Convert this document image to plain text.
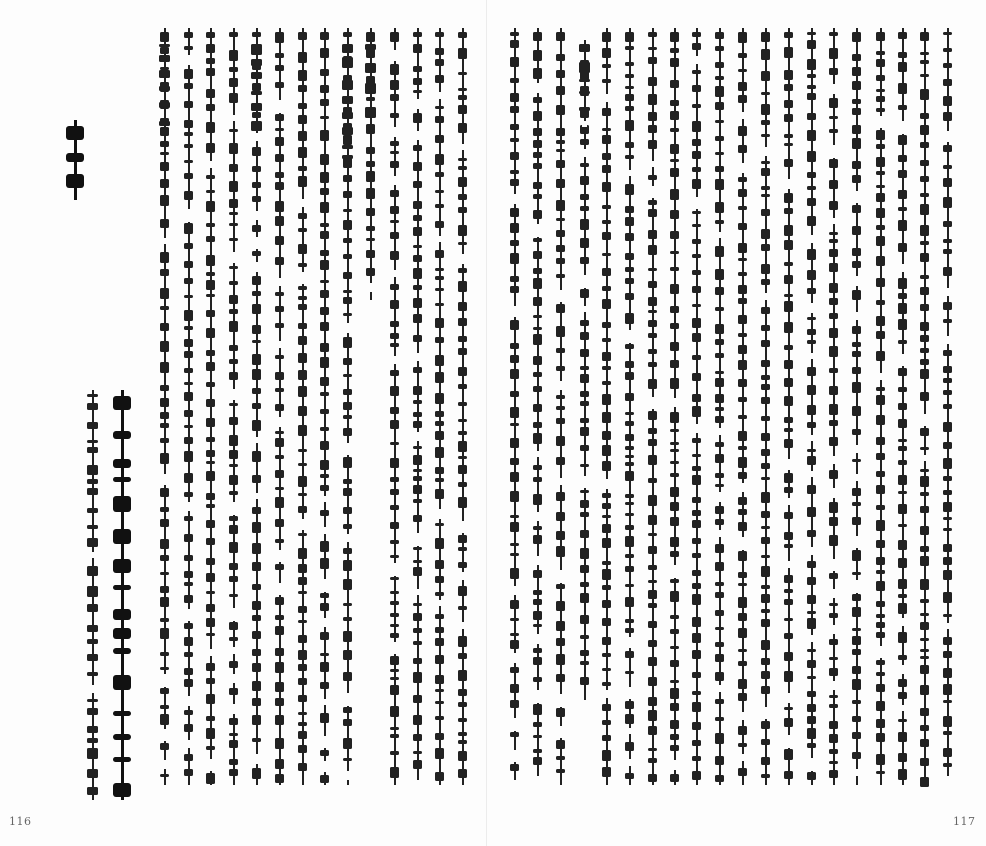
116	117
